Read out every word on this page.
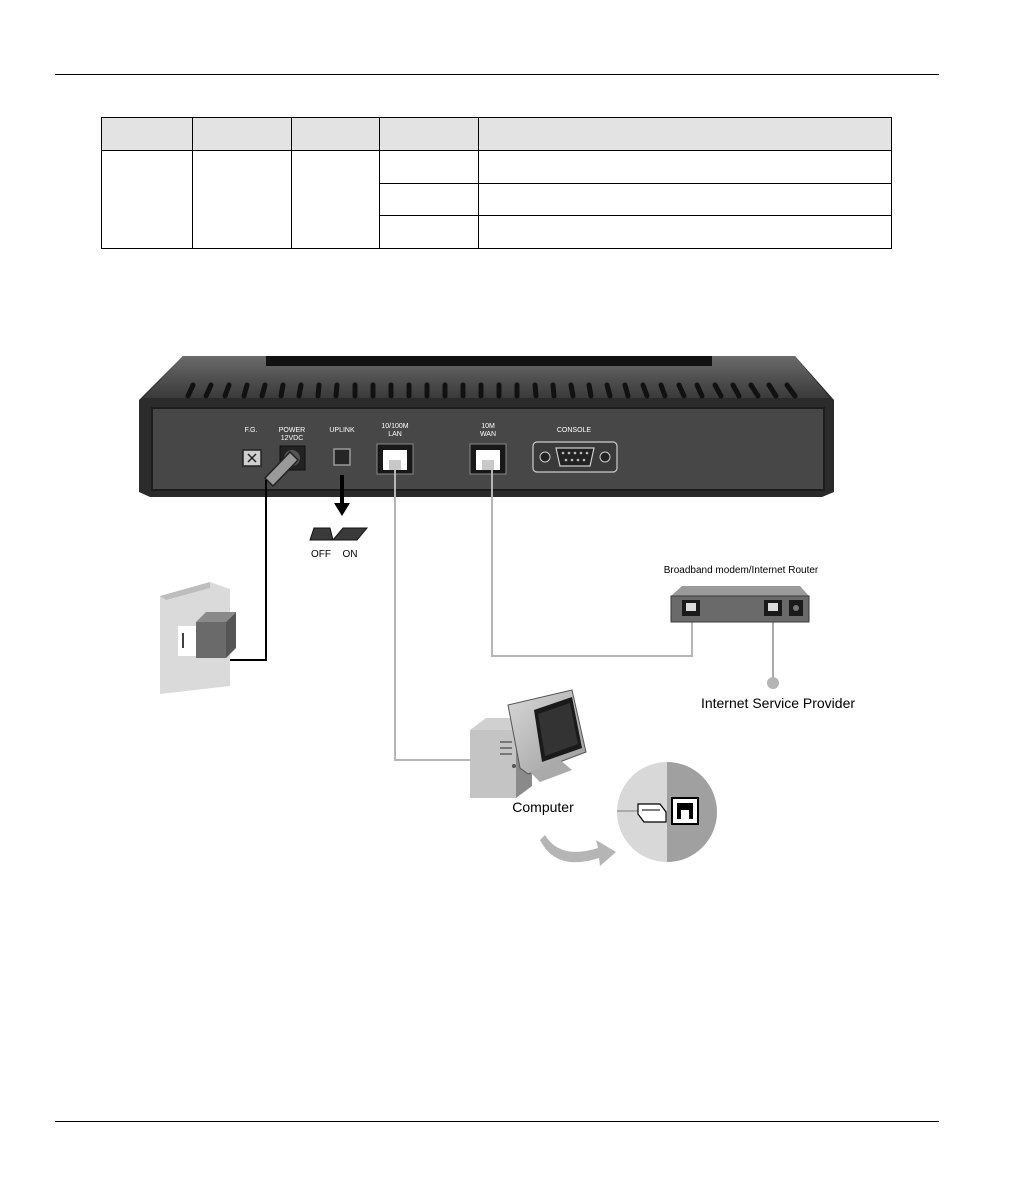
F.G.	POWER
12VDC
UPLINK
10/100M
LAN
10M
WAN
CONSOLE
OFF ON
Broadband modem/Internet Router
Internet Service Provider
Computer
